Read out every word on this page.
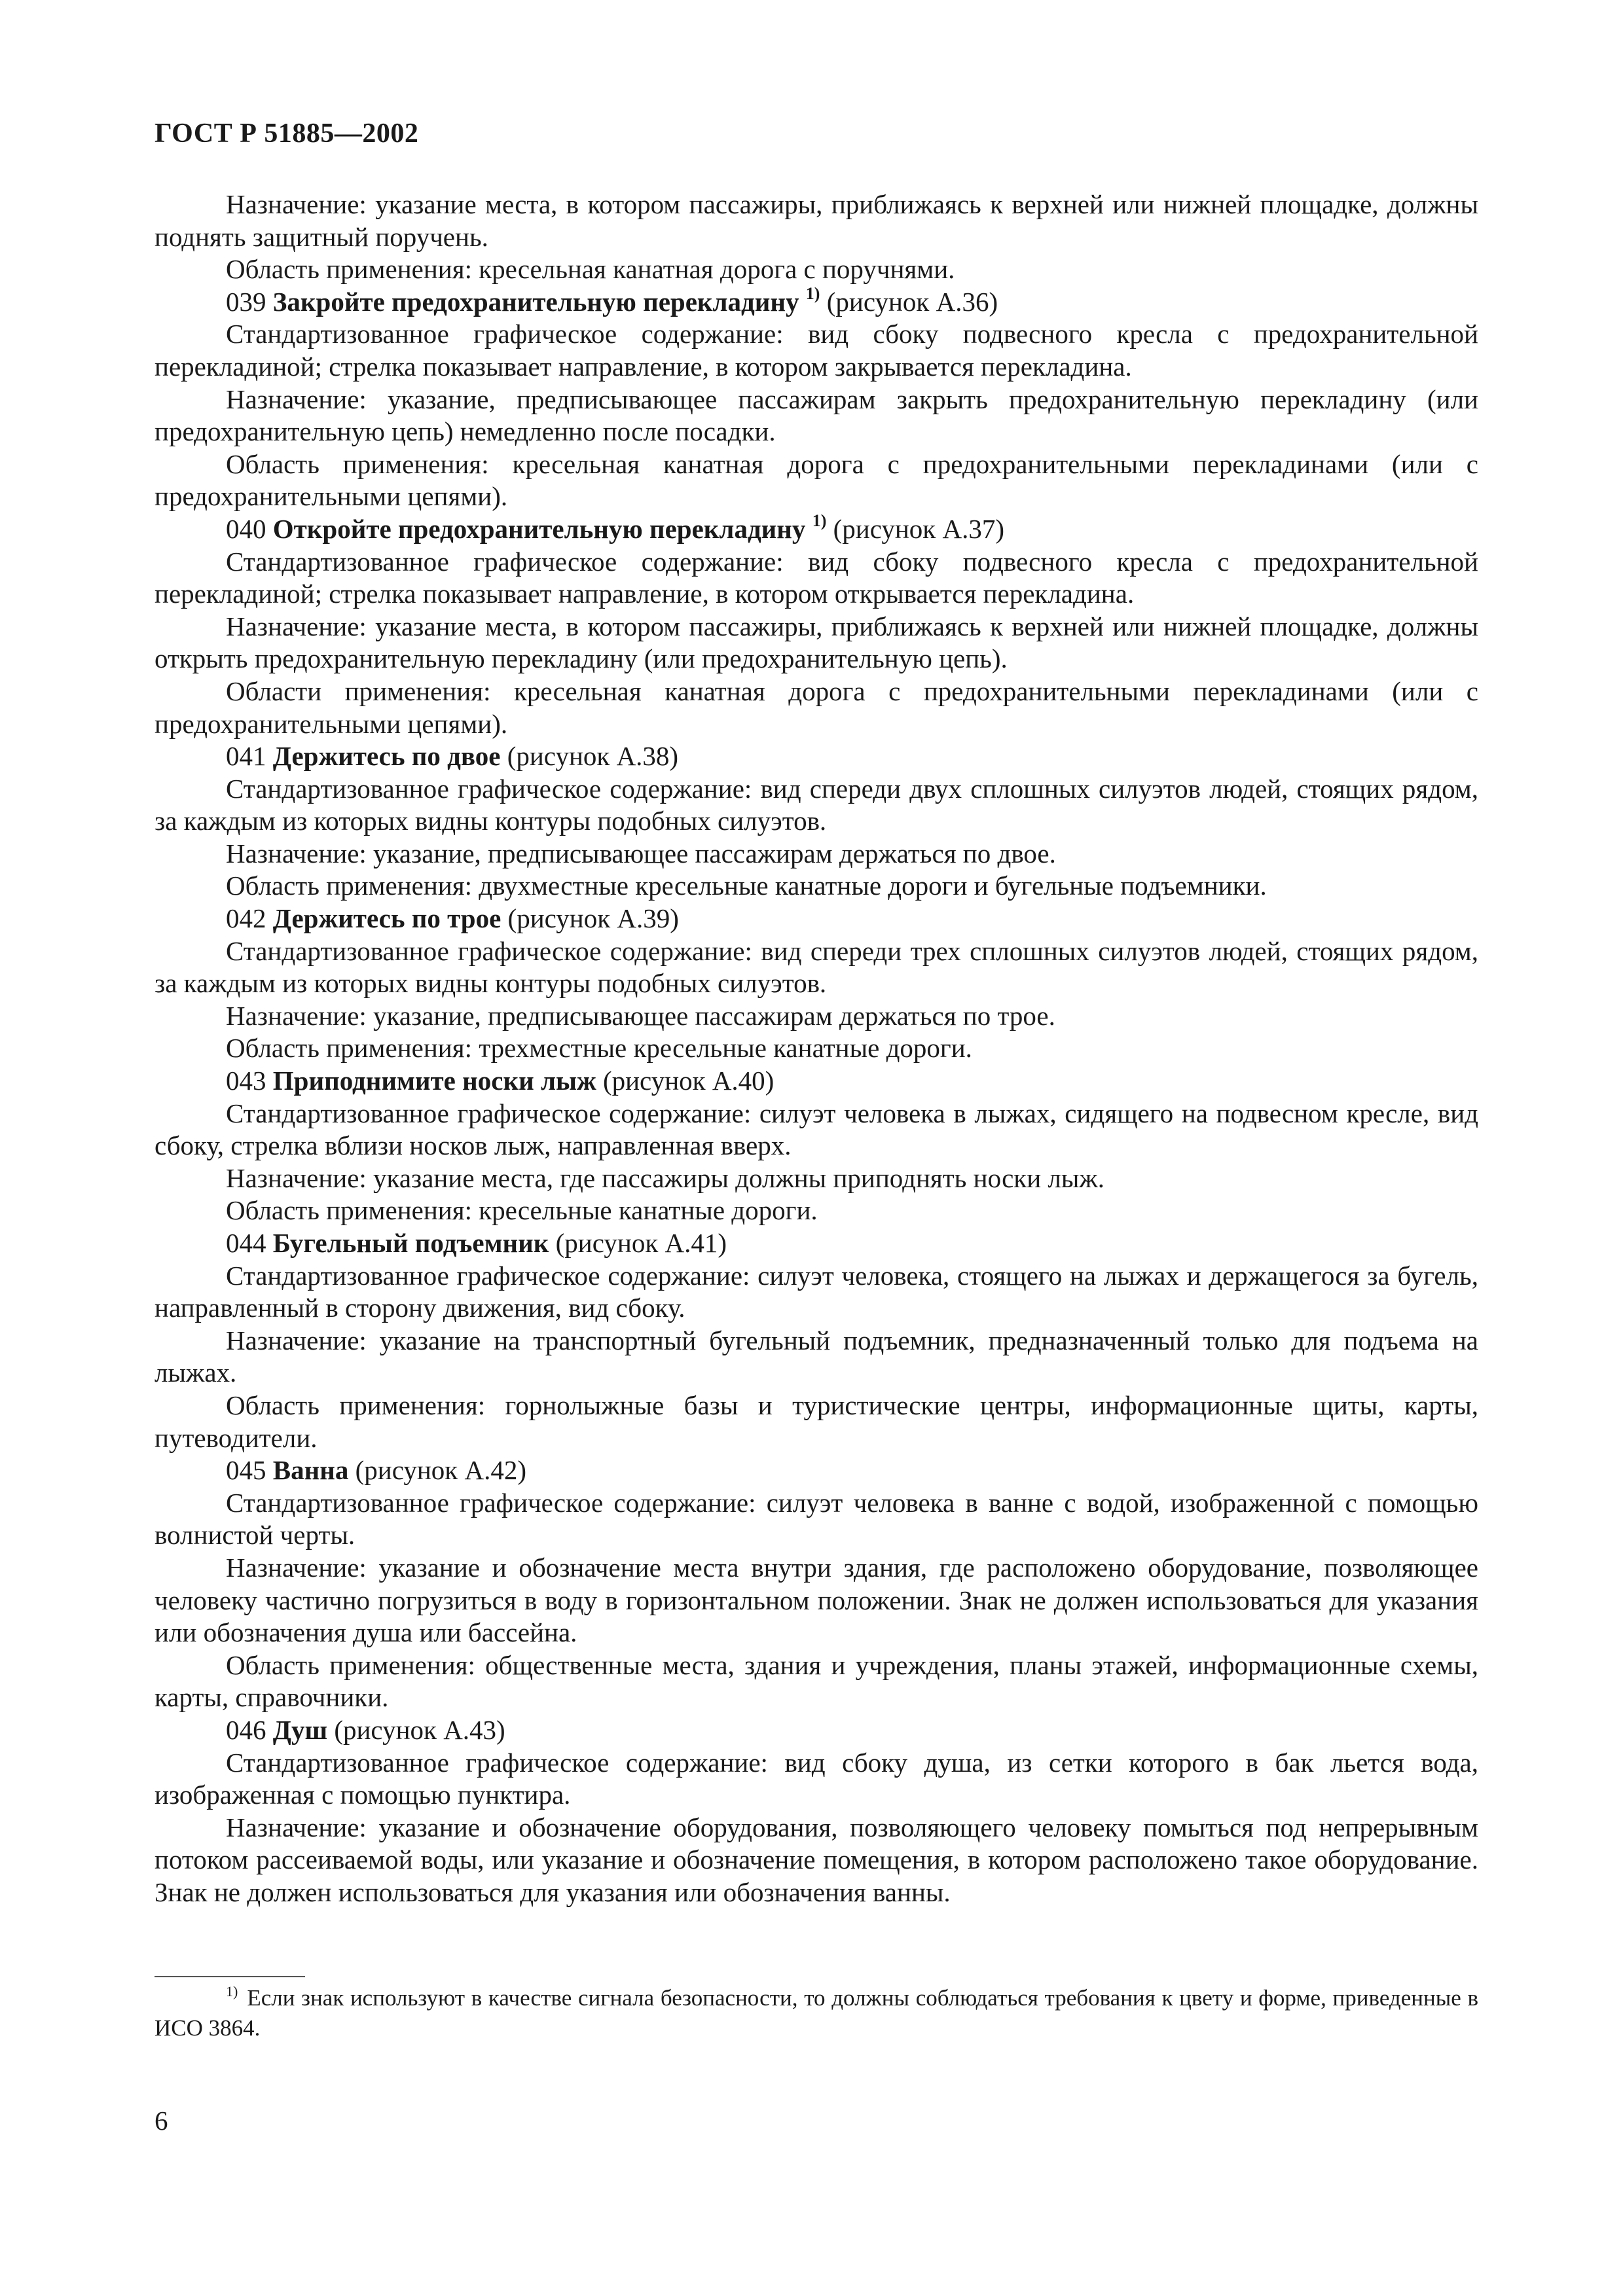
ГОСТ Р 51885—2002

Назначение: указание места, в котором пассажиры, приближаясь к верхней или нижней площадке, должны поднять защитный поручень.

Область применения: кресельная канатная дорога с поручнями.

039 Закройте предохранительную перекладину $^{1)}$ (рисунок А.36)

Стандартизованное графическое содержание: вид сбоку подвесного кресла с предохранительной перекладиной; стрелка показывает направление, в котором закрывается перекладина.

Назначение: указание, предписывающее пассажирам закрыть предохранительную перекладину (или предохранительную цепь) немедленно после посадки.

Область применения: кресельная канатная дорога с предохранительными перекладинами (или с предохранительными цепями).

040 Откройте предохранительную перекладину $^{1)}$ (рисунок А.37)

Стандартизованное графическое содержание: вид сбоку подвесного кресла с предохранительной перекладиной; стрелка показывает направление, в котором открывается перекладина.

Назначение: указание места, в котором пассажиры, приближаясь к верхней или нижней площадке, должны открыть предохранительную перекладину (или предохранительную цепь).

Области применения: кресельная канатная дорога с предохранительными перекладинами (или с предохранительными цепями).

041 Держитесь по двое (рисунок А.38)

Стандартизованное графическое содержание: вид спереди двух сплошных силуэтов людей, стоящих рядом, за каждым из которых видны контуры подобных силуэтов.

Назначение: указание, предписывающее пассажирам держаться по двое.

Область применения: двухместные кресельные канатные дороги и бугельные подъемники.

042 Держитесь по трое (рисунок А.39)

Стандартизованное графическое содержание: вид спереди трех сплошных силуэтов людей, стоящих рядом, за каждым из которых видны контуры подобных силуэтов.

Назначение: указание, предписывающее пассажирам держаться по трое.

Область применения: трехместные кресельные канатные дороги.

043 Приподнимите носки лыж (рисунок А.40)

Стандартизованное графическое содержание: силуэт человека в лыжах, сидящего на подвесном кресле, вид сбоку, стрелка вблизи носков лыж, направленная вверх.

Назначение: указание места, где пассажиры должны приподнять носки лыж.

Область применения: кресельные канатные дороги.

044 Бугельный подъемник (рисунок А.41)

Стандартизованное графическое содержание: силуэт человека, стоящего на лыжах и держащегося за бугель, направленный в сторону движения, вид сбоку.

Назначение: указание на транспортный бугельный подъемник, предназначенный только для подъема на лыжах.

Область применения: горнолыжные базы и туристические центры, информационные щиты, карты, путеводители.

045 Ванна (рисунок А.42)

Стандартизованное графическое содержание: силуэт человека в ванне с водой, изображенной с помощью волнистой черты.

Назначение: указание и обозначение места внутри здания, где расположено оборудование, позволяющее человеку частично погрузиться в воду в горизонтальном положении. Знак не должен использоваться для указания или обозначения душа или бассейна.

Область применения: общественные места, здания и учреждения, планы этажей, информационные схемы, карты, справочники.

046 Душ (рисунок А.43)

Стандартизованное графическое содержание: вид сбоку душа, из сетки которого в бак льется вода, изображенная с помощью пунктира.

Назначение: указание и обозначение оборудования, позволяющего человеку помыться под непрерывным потоком рассеиваемой воды, или указание и обозначение помещения, в котором расположено такое оборудование. Знак не должен использоваться для указания или обозначения ванны.

$^{1)}$ Если знак используют в качестве сигнала безопасности, то должны соблюдаться требования к цвету и форме, приведенные в ИСО 3864.
6
